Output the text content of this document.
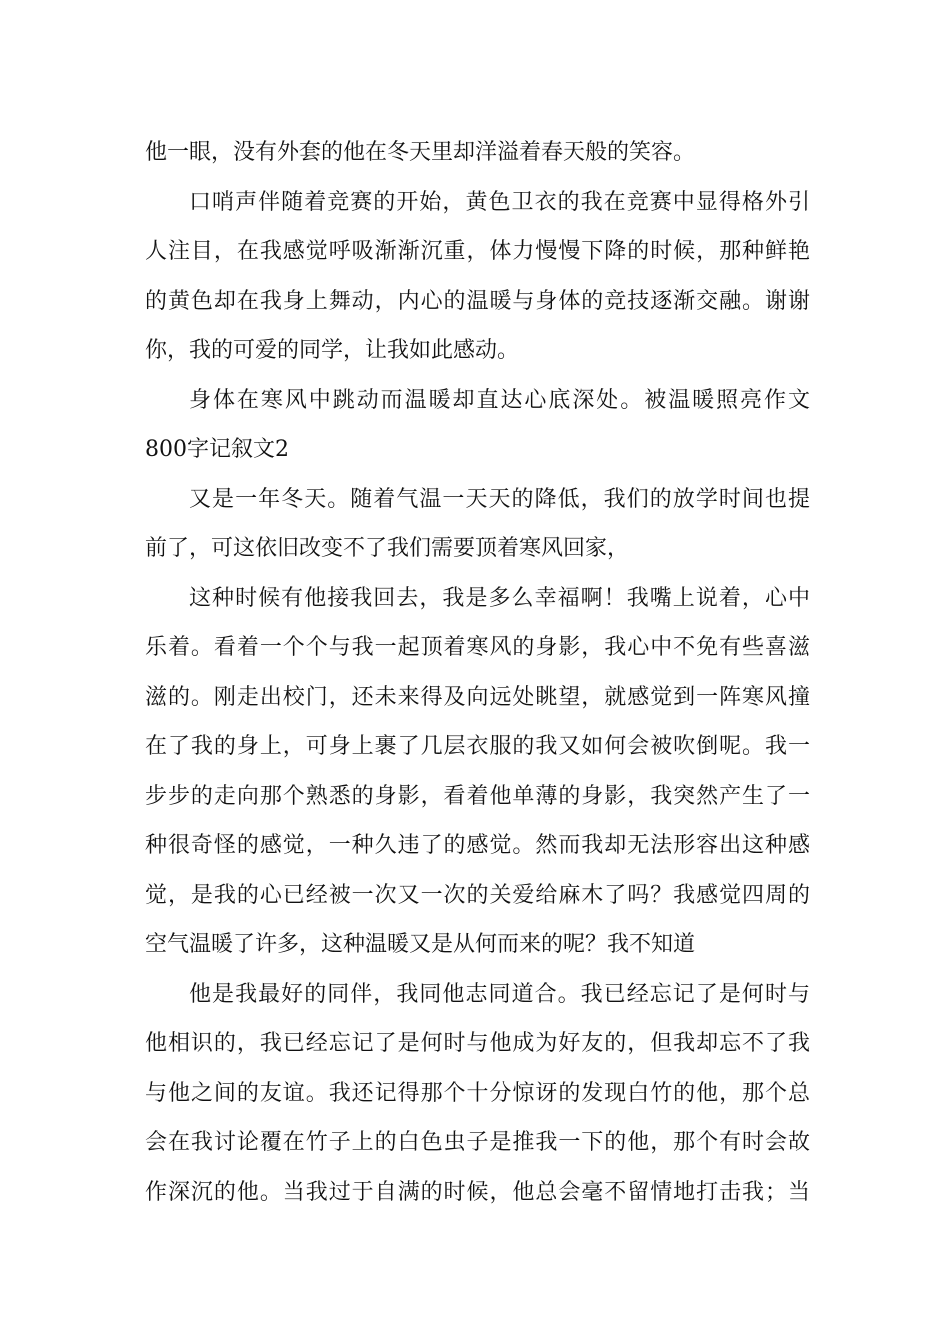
他一眼，没有外套的他在冬天里却洋溢着春天般的笑容。
口哨声伴随着竞赛的开始，黄色卫衣的我在竞赛中显得格外引
人注目，在我感觉呼吸渐渐沉重，体力慢慢下降的时候，那种鲜艳
的黄色却在我身上舞动，内心的温暖与身体的竞技逐渐交融。谢谢
你，我的可爱的同学，让我如此感动。
身体在寒风中跳动而温暖却直达心底深处。被温暖照亮作文
800字记叙文2
又是一年冬天。随着气温一天天的降低，我们的放学时间也提
前了，可这依旧改变不了我们需要顶着寒风回家，
这种时候有他接我回去，我是多么幸福啊！我嘴上说着，心中
乐着。看着一个个与我一起顶着寒风的身影，我心中不免有些喜滋
滋的。刚走出校门，还未来得及向远处眺望，就感觉到一阵寒风撞
在了我的身上，可身上裹了几层衣服的我又如何会被吹倒呢。我一
步步的走向那个熟悉的身影，看着他单薄的身影，我突然产生了一
种很奇怪的感觉，一种久违了的感觉。然而我却无法形容出这种感
觉，是我的心已经被一次又一次的关爱给麻木了吗？我感觉四周的
空气温暖了许多，这种温暖又是从何而来的呢？我不知道
他是我最好的同伴，我同他志同道合。我已经忘记了是何时与
他相识的，我已经忘记了是何时与他成为好友的，但我却忘不了我
与他之间的友谊。我还记得那个十分惊讶的发现白竹的他，那个总
会在我讨论覆在竹子上的白色虫子是推我一下的他，那个有时会故
作深沉的他。当我过于自满的时候，他总会毫不留情地打击我；当
